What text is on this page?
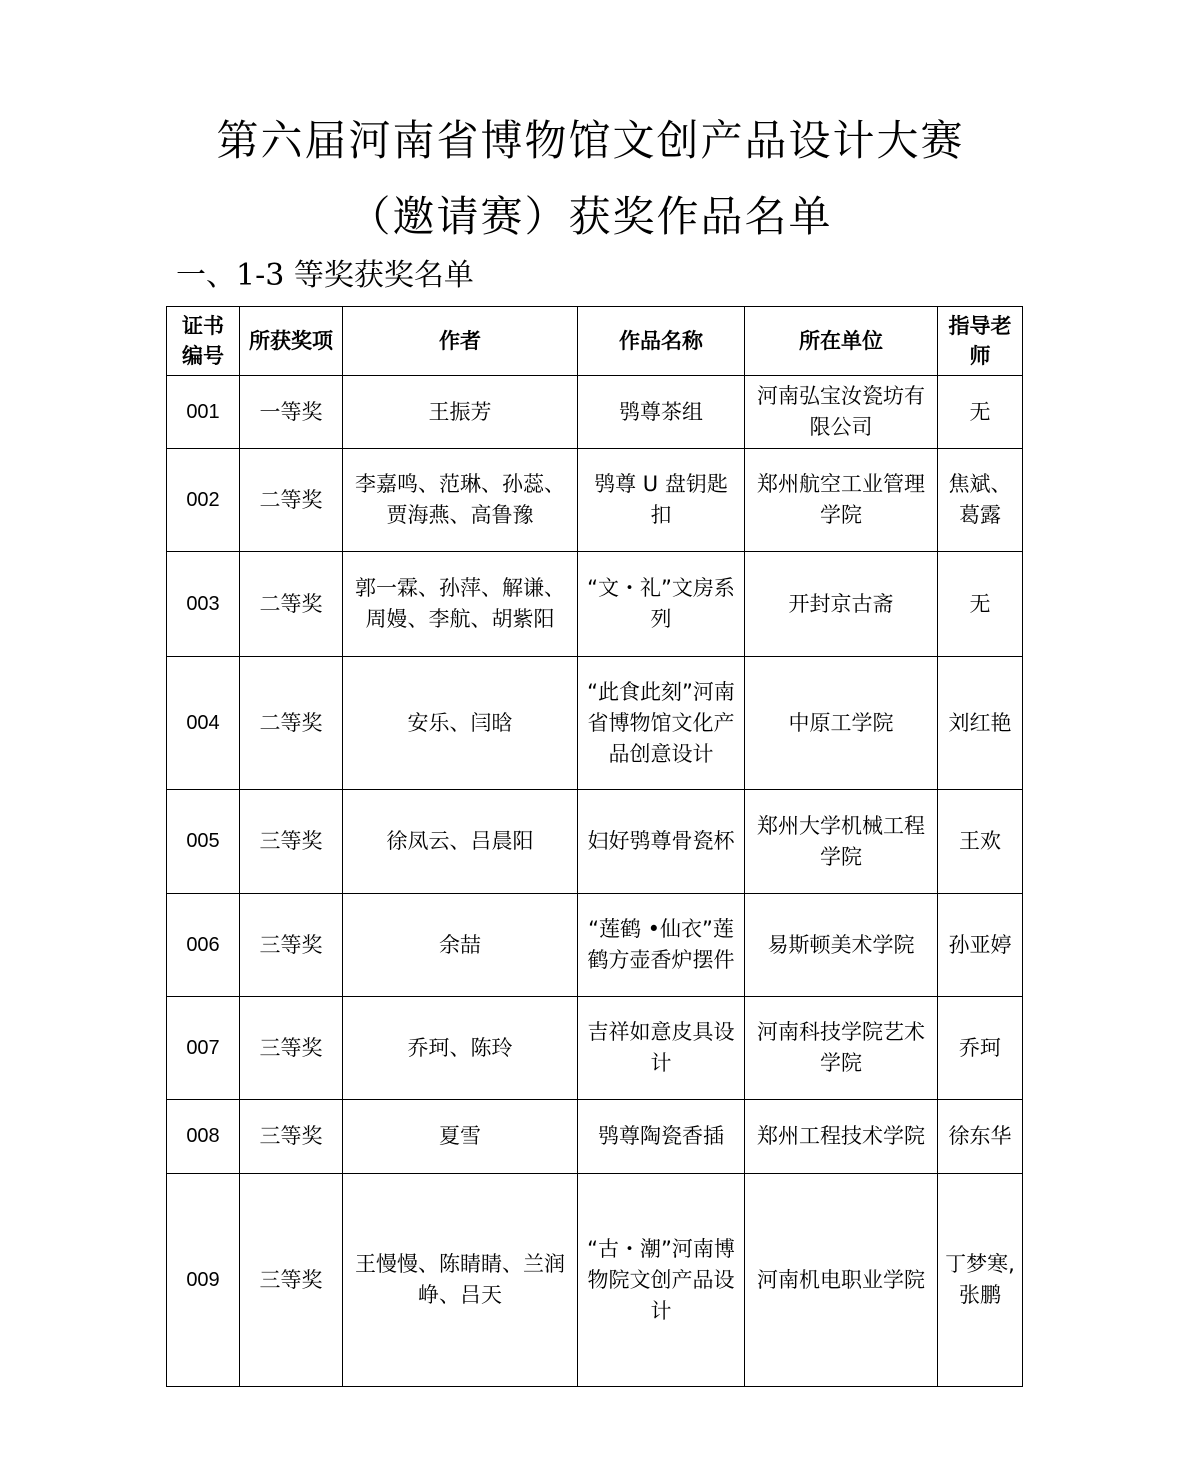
第六届河南省博物馆文创产品设计大赛
（邀请赛）获奖作品名单
一、1-3 等奖获奖名单
证书编号	所获奖项	作者	作品名称	所在单位	指导老师
001	一等奖	王振芳	鸮尊茶组	河南弘宝汝瓷坊有限公司	无
002	二等奖	李嘉鸣、范琳、孙蕊、贾海燕、高鲁豫	鸮尊 U 盘钥匙扣	郑州航空工业管理学院	焦斌、葛露
003	二等奖	郭一霖、孙萍、解谦、周嫚、李航、胡紫阳	“文・礼”文房系列	开封京古斋	无
004	二等奖	安乐、闫晗	“此食此刻”河南省博物馆文化产品创意设计	中原工学院	刘红艳
005	三等奖	徐凤云、吕晨阳	妇好鸮尊骨瓷杯	郑州大学机械工程学院	王欢
006	三等奖	余喆	“莲鹤 •仙衣”莲鹤方壶香炉摆件	易斯顿美术学院	孙亚婷
007	三等奖	乔珂、陈玲	吉祥如意皮具设计	河南科技学院艺术学院	乔珂
008	三等奖	夏雪	鸮尊陶瓷香插	郑州工程技术学院	徐东华
009	三等奖	王慢慢、陈睛睛、兰润峥、吕天	“古・潮”河南博物院文创产品设计	河南机电职业学院	丁梦寒,张鹏
